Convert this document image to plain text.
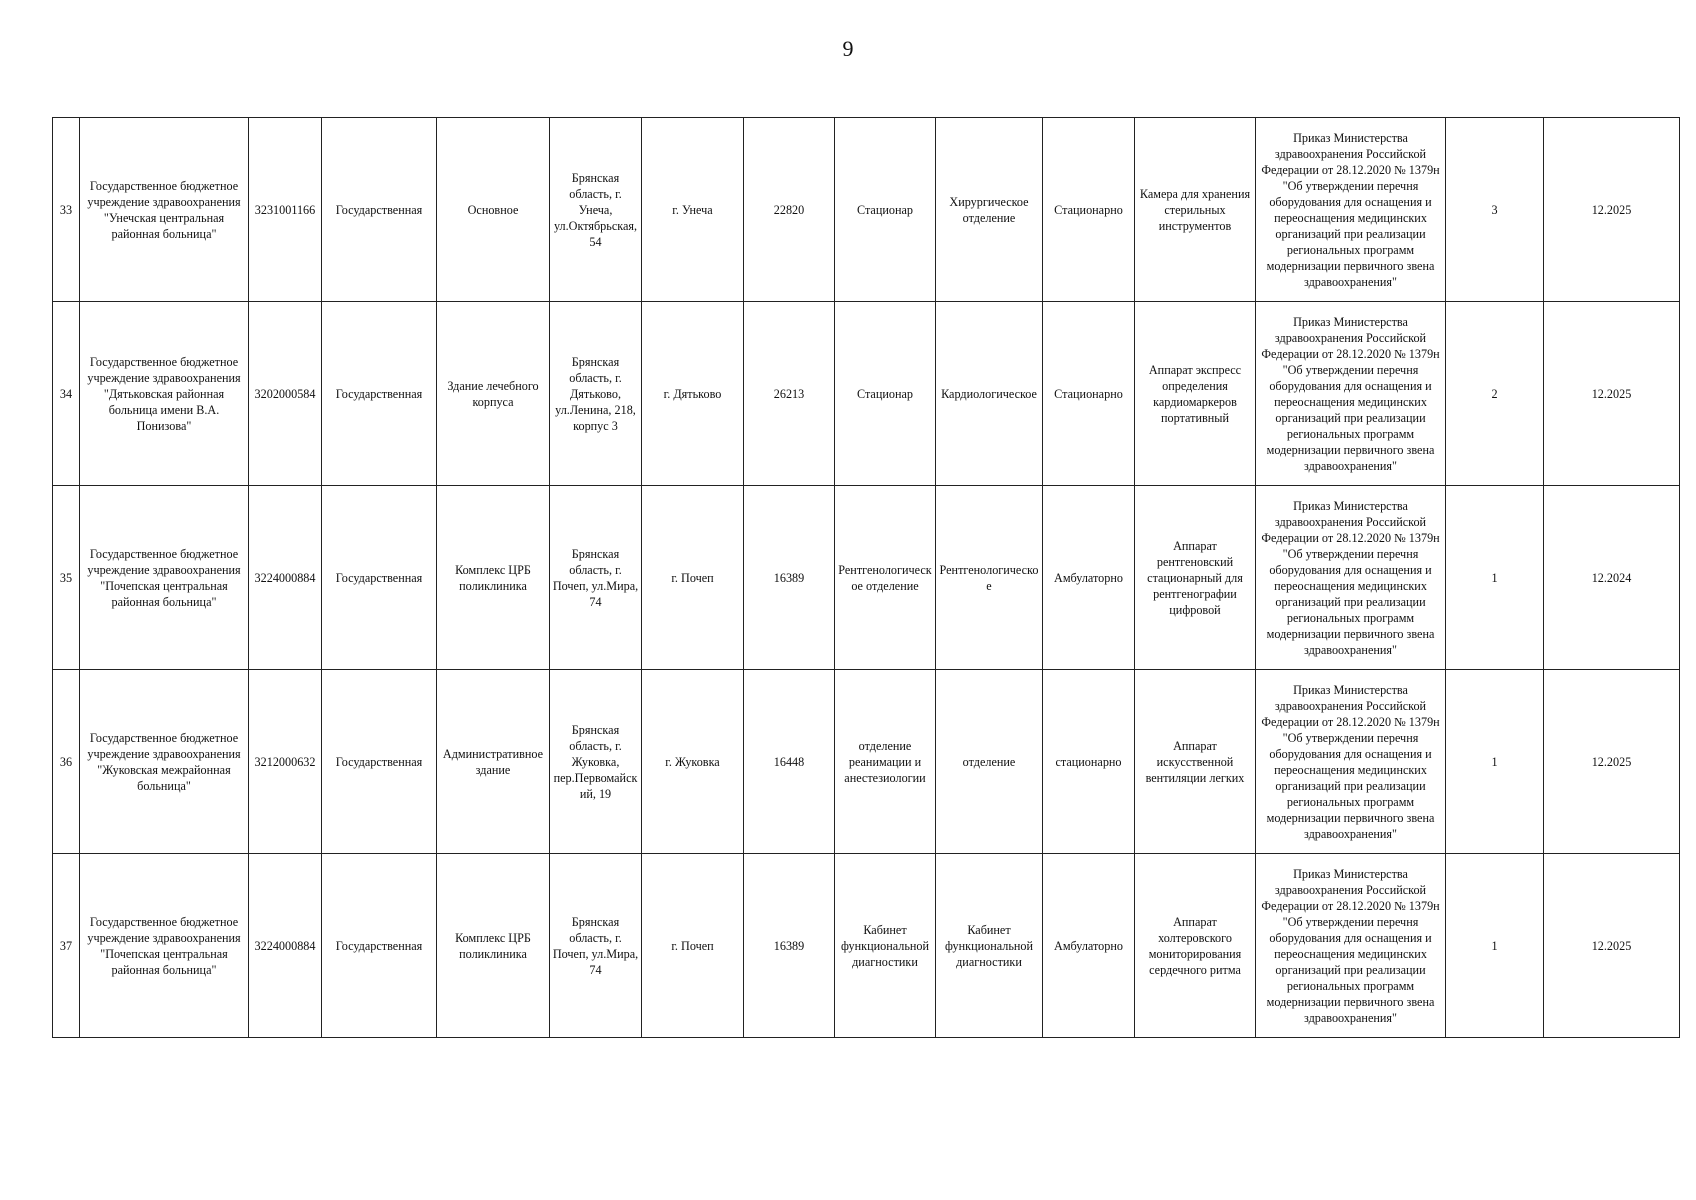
9
33	Государственное бюджетное учреждение здравоохранения "Унечская центральная районная больница"	3231001166	Государственная	Основное	Брянская область, г. Унеча, ул.Октябрьская, 54	г. Унеча	22820	Стационар	Хирургическое отделение	Стационарно	Камера для хранения стерильных инструментов	Приказ Министерства здравоохранения Российской Федерации от 28.12.2020 № 1379н "Об утверждении перечня оборудования для оснащения и переоснащения медицинских организаций при реализации региональных программ модернизации первичного звена здравоохранения"	3	12.2025
34	Государственное бюджетное учреждение здравоохранения "Дятьковская районная больница имени В.А. Понизова"	3202000584	Государственная	Здание лечебного корпуса	Брянская область, г. Дятьково, ул.Ленина, 218, корпус 3	г. Дятьково	26213	Стационар	Кардиологическое	Стационарно	Аппарат экспресс определения кардиомаркеров портативный	Приказ Министерства здравоохранения Российской Федерации от 28.12.2020 № 1379н "Об утверждении перечня оборудования для оснащения и переоснащения медицинских организаций при реализации региональных программ модернизации первичного звена здравоохранения"	2	12.2025
35	Государственное бюджетное учреждение здравоохранения "Почепская центральная районная больница"	3224000884	Государственная	Комплекс ЦРБ поликлиника	Брянская область, г. Почеп, ул.Мира, 74	г. Почеп	16389	Рентгенологическое отделение	Рентгенологическое	Амбулаторно	Аппарат рентгеновский стационарный для рентгенографии цифровой	Приказ Министерства здравоохранения Российской Федерации от 28.12.2020 № 1379н "Об утверждении перечня оборудования для оснащения и переоснащения медицинских организаций при реализации региональных программ модернизации первичного звена здравоохранения"	1	12.2024
36	Государственное бюджетное учреждение здравоохранения "Жуковская межрайонная больница"	3212000632	Государственная	Административное здание	Брянская область, г. Жуковка, пер.Первомайский, 19	г. Жуковка	16448	отделение реанимации и анестезиологии	отделение	стационарно	Аппарат искусственной вентиляции легких	Приказ Министерства здравоохранения Российской Федерации от 28.12.2020 № 1379н "Об утверждении перечня оборудования для оснащения и переоснащения медицинских организаций при реализации региональных программ модернизации первичного звена здравоохранения"	1	12.2025
37	Государственное бюджетное учреждение здравоохранения "Почепская центральная районная больница"	3224000884	Государственная	Комплекс ЦРБ поликлиника	Брянская область, г. Почеп, ул.Мира, 74	г. Почеп	16389	Кабинет функциональной диагностики	Кабинет функциональной диагностики	Амбулаторно	Аппарат холтеровского мониторирования сердечного ритма	Приказ Министерства здравоохранения Российской Федерации от 28.12.2020 № 1379н "Об утверждении перечня оборудования для оснащения и переоснащения медицинских организаций при реализации региональных программ модернизации первичного звена здравоохранения"	1	12.2025
